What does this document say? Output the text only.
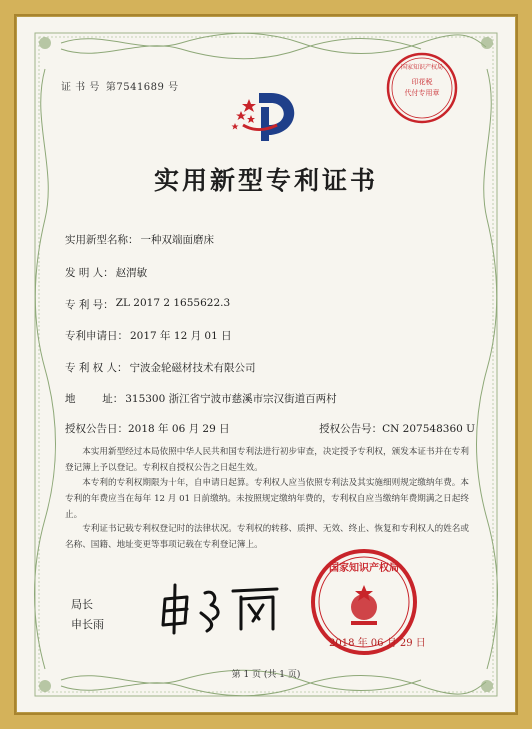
证 书 号 第7541689 号	印花税
代付专用章
国家知识产权局
实用新型专利证书
实用新型名称： 一种双端面磨床
发 明 人： 赵渭敏
专 利 号： ZL 2017 2 1655622.3
专利申请日： 2017 年 12 月 01 日
专 利 权 人： 宁波金轮磁材技术有限公司
地        址： 315300 浙江省宁波市慈溪市宗汉街道百两村
授权公告日：2018 年 06 月 29 日	授权公告号：CN 207548360 U
本实用新型经过本局依照中华人民共和国专利法进行初步审查，决定授予专利权，颁发本证书并在专利登记簿上予以登记。专利权自授权公告之日起生效。
本专利的专利权期限为十年，自申请日起算。专利权人应当依照专利法及其实施细则规定缴纳年费。本专利的年费应当在每年 12 月 01 日前缴纳。未按照规定缴纳年费的，专利权自应当缴纳年费期满之日起终止。
专利证书记载专利权登记时的法律状况。专利权的转移、质押、无效、终止、恢复和专利权人的姓名或名称、国籍、地址变更等事项记载在专利登记簿上。
局长
申长雨
国家知识产权局
2018 年 06 月 29 日
第 1 页 (共 1 页)
